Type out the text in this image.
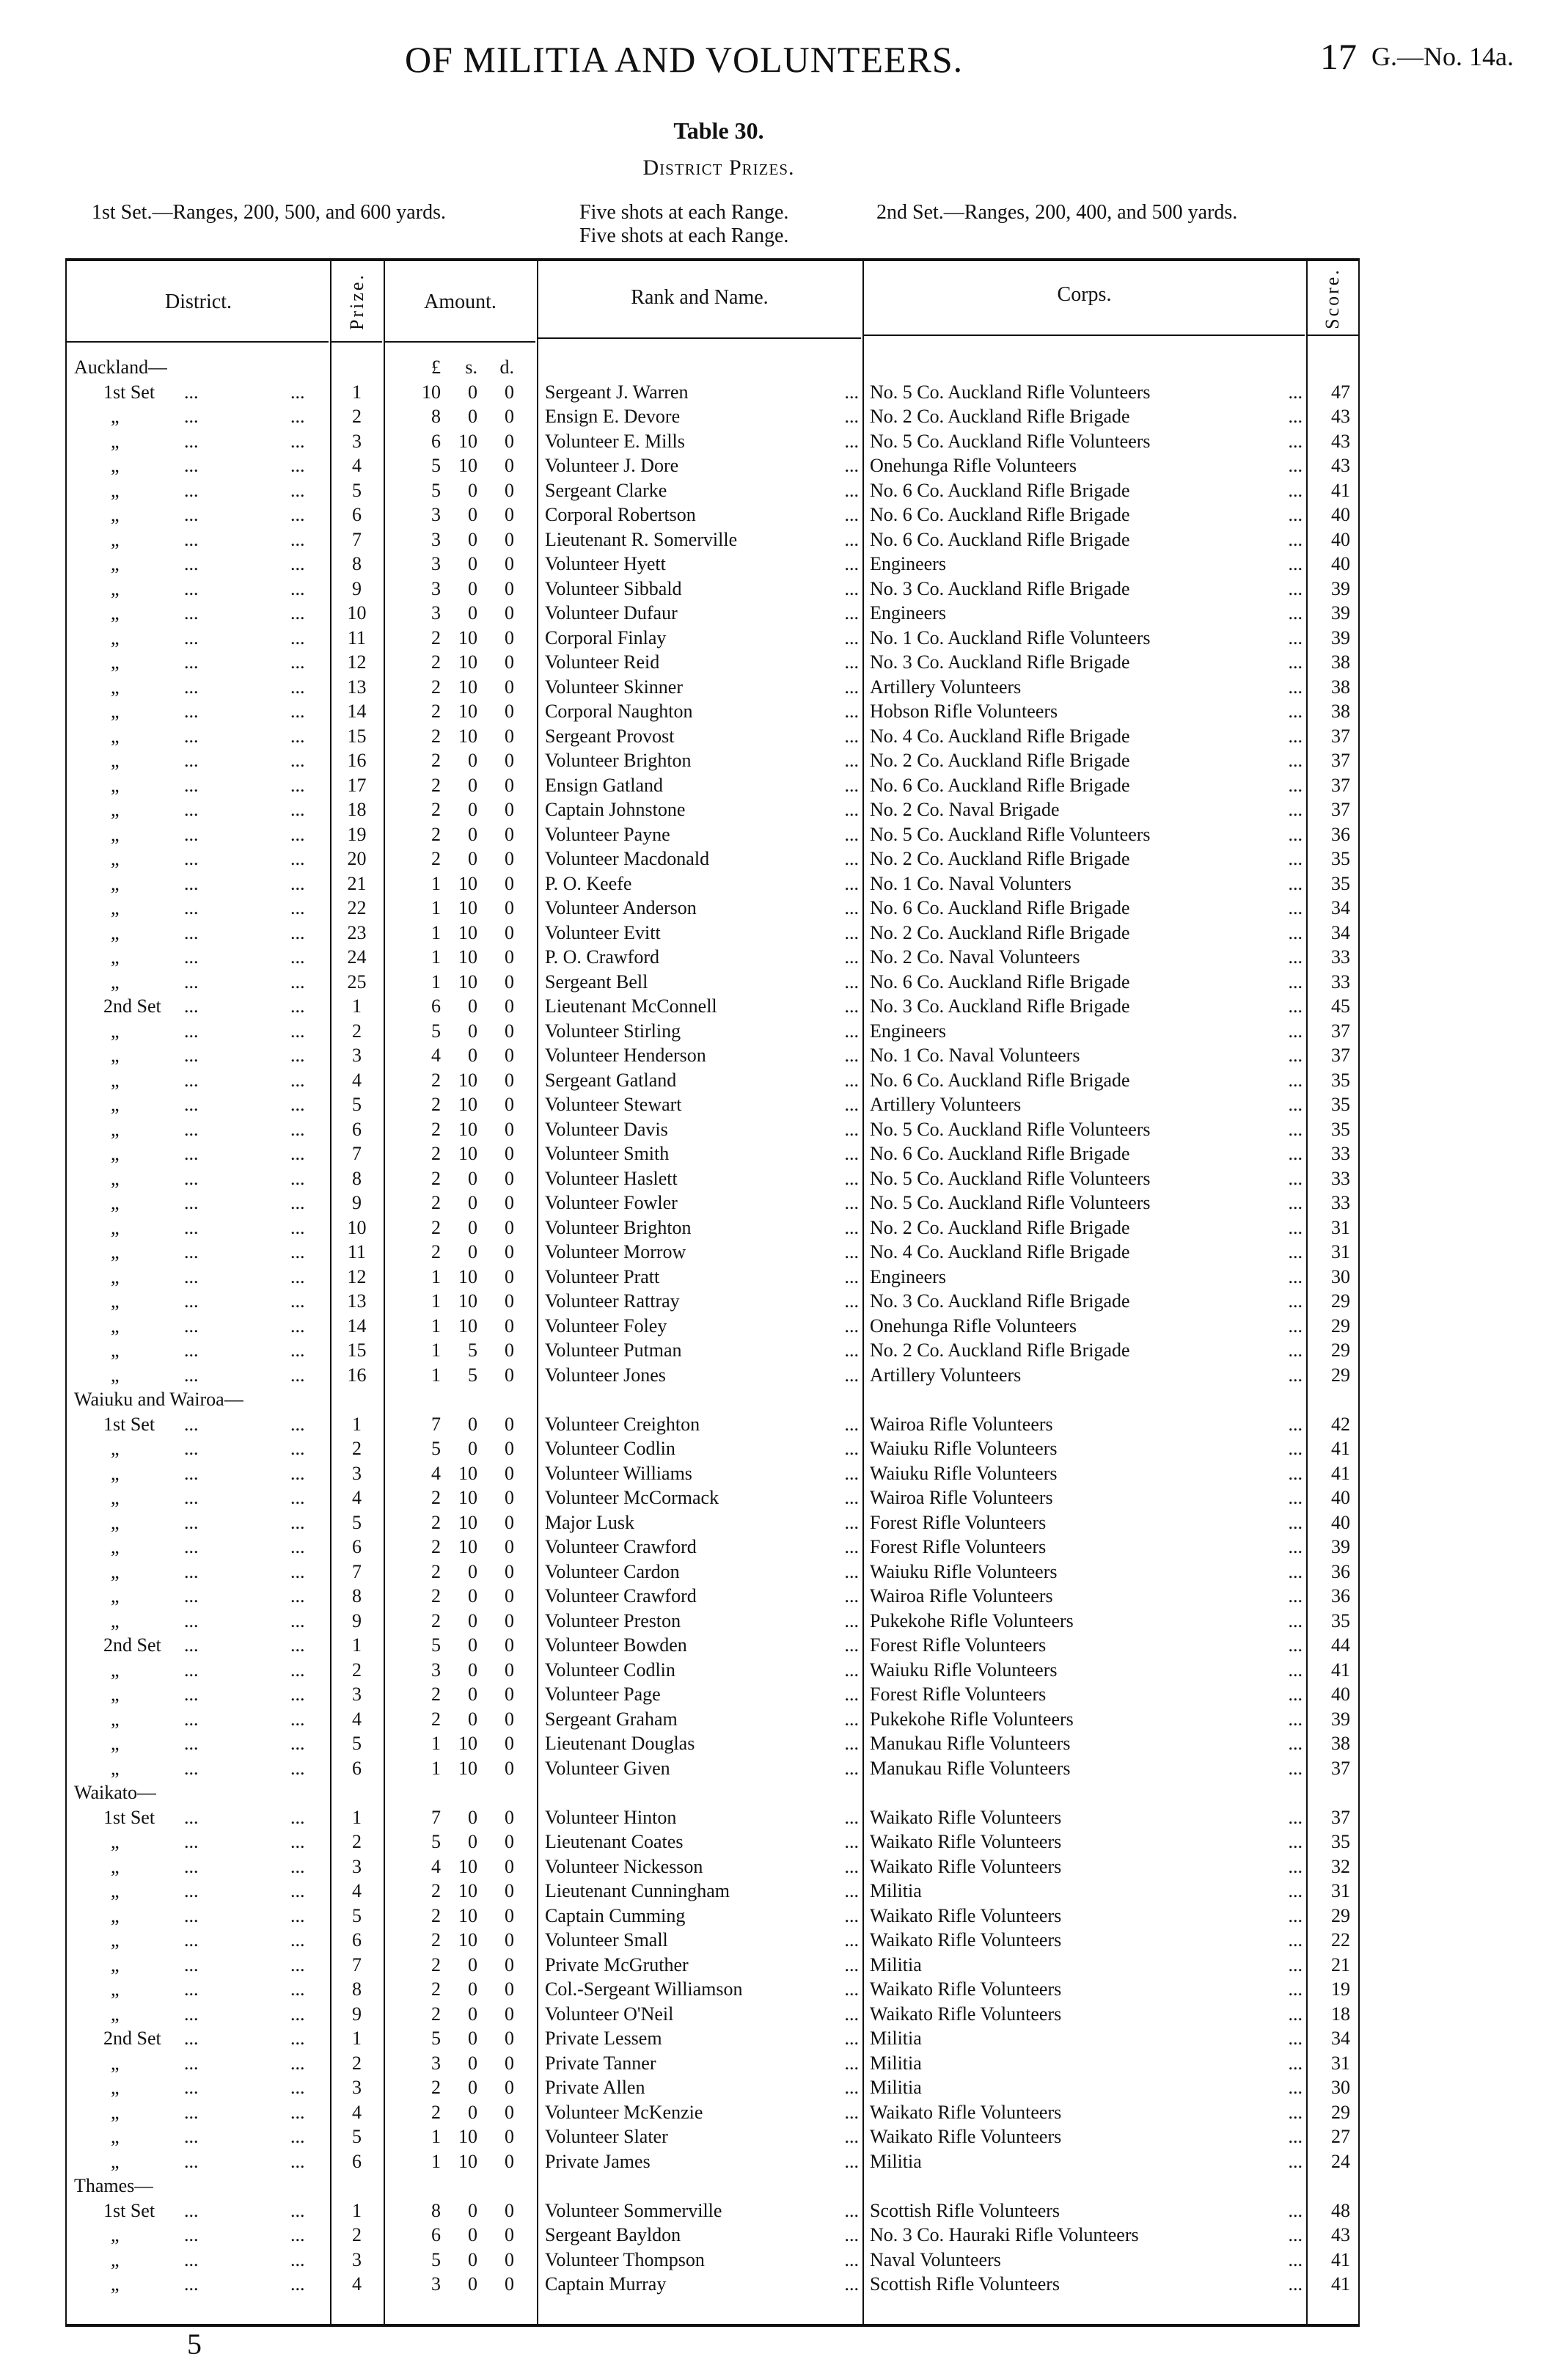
OF MILITIA AND VOLUNTEERS.	17 G.—No. 14a.
Table 30.
District Prizes.
1st Set.—Ranges, 200, 500, and 600 yards.	Five shots at each Range.
Five shots at each Range.
2nd Set.—Ranges, 200, 400, and 500 yards.
District.	Prize.	Amount.	Rank and Name.	Corps.	Score.
Auckland—	£	s.	d.
1st Set ...	...	1	10	0	0 Sergeant J. Warren	... No. 5 Co. Auckland Rifle Volunteers	...	47
„	...	...	2	8	0	0 Ensign E. Devore	... No. 2 Co. Auckland Rifle Brigade	...	43
„	...	...	3	6 10	0 Volunteer E. Mills	... No. 5 Co. Auckland Rifle Volunteers	...	43
„	...	...	4	5 10	0 Volunteer J. Dore	... Onehunga Rifle Volunteers	...	43
„	...	...	5	5	0	0 Sergeant Clarke	... No. 6 Co. Auckland Rifle Brigade	...	41
„	...	...	6	3	0	0 Corporal Robertson	... No. 6 Co. Auckland Rifle Brigade	...	40
„	...	...	7	3	0	0 Lieutenant R. Somerville	... No. 6 Co. Auckland Rifle Brigade	...	40
„	...	...	8	3	0	0 Volunteer Hyett	... Engineers	...	40
„	...	...	9	3	0	0 Volunteer Sibbald	... No. 3 Co. Auckland Rifle Brigade	...	39
„	...	...	10	3	0	0 Volunteer Dufaur	... Engineers	...	39
„	...	...	11	2 10	0 Corporal Finlay	... No. 1 Co. Auckland Rifle Volunteers	...	39
„	...	...	12	2 10	0 Volunteer Reid	... No. 3 Co. Auckland Rifle Brigade	...	38
„	...	...	13	2 10	0 Volunteer Skinner	... Artillery Volunteers	...	38
„	...	...	14	2 10	0 Corporal Naughton	... Hobson Rifle Volunteers	...	38
„	...	...	15	2 10	0 Sergeant Provost	... No. 4 Co. Auckland Rifle Brigade	...	37
„	...	...	16	2	0	0 Volunteer Brighton	... No. 2 Co. Auckland Rifle Brigade	...	37
„	...	...	17	2	0	0 Ensign Gatland	... No. 6 Co. Auckland Rifle Brigade	...	37
„	...	...	18	2	0	0 Captain Johnstone	... No. 2 Co. Naval Brigade	...	37
„	...	...	19	2	0	0 Volunteer Payne	... No. 5 Co. Auckland Rifle Volunteers	...	36
„	...	...	20	2	0	0 Volunteer Macdonald	... No. 2 Co. Auckland Rifle Brigade	...	35
„	...	...	21	1 10	0 P. O. Keefe	... No. 1 Co. Naval Volunters	...	35
„	...	...	22	1 10	0 Volunteer Anderson	... No. 6 Co. Auckland Rifle Brigade	...	34
„	...	...	23	1 10	0 Volunteer Evitt	... No. 2 Co. Auckland Rifle Brigade	...	34
„	...	...	24	1 10	0 P. O. Crawford	... No. 2 Co. Naval Volunteers	...	33
„	...	...	25	1 10	0 Sergeant Bell	... No. 6 Co. Auckland Rifle Brigade	...	33
2nd Set ...	...	1	6	0	0 Lieutenant McConnell	... No. 3 Co. Auckland Rifle Brigade	...	45
„	...	...	2	5	0	0 Volunteer Stirling	... Engineers	...	37
„	...	...	3	4	0	0 Volunteer Henderson	... No. 1 Co. Naval Volunteers	...	37
„	...	...	4	2 10	0 Sergeant Gatland	... No. 6 Co. Auckland Rifle Brigade	...	35
„	...	...	5	2 10	0 Volunteer Stewart	... Artillery Volunteers	...	35
„	...	...	6	2 10	0 Volunteer Davis	... No. 5 Co. Auckland Rifle Volunteers	...	35
„	...	...	7	2 10	0 Volunteer Smith	... No. 6 Co. Auckland Rifle Brigade	...	33
„	...	...	8	2	0	0 Volunteer Haslett	... No. 5 Co. Auckland Rifle Volunteers	...	33
„	...	...	9	2	0	0 Volunteer Fowler	... No. 5 Co. Auckland Rifle Volunteers	...	33
„	...	...	10	2	0	0 Volunteer Brighton	... No. 2 Co. Auckland Rifle Brigade	...	31
„	...	...	11	2	0	0 Volunteer Morrow	... No. 4 Co. Auckland Rifle Brigade	...	31
„	...	...	12	1 10	0 Volunteer Pratt	... Engineers	...	30
„	...	...	13	1 10	0 Volunteer Rattray	... No. 3 Co. Auckland Rifle Brigade	...	29
„	...	...	14	1 10	0 Volunteer Foley	... Onehunga Rifle Volunteers	...	29
„	...	...	15	1	5	0 Volunteer Putman	... No. 2 Co. Auckland Rifle Brigade	...	29
„	...	...	16	1	5	0 Volunteer Jones	... Artillery Volunteers	...	29
Waiuku and Wairoa—
1st Set ...	...	1	7	0	0 Volunteer Creighton	... Wairoa Rifle Volunteers	...	42
„	...	...	2	5	0	0 Volunteer Codlin	... Waiuku Rifle Volunteers	...	41
„	...	...	3	4 10	0 Volunteer Williams	... Waiuku Rifle Volunteers	...	41
„	...	...	4	2 10	0 Volunteer McCormack	... Wairoa Rifle Volunteers	...	40
„	...	...	5	2 10	0 Major Lusk	... Forest Rifle Volunteers	...	40
„	...	...	6	2 10	0 Volunteer Crawford	... Forest Rifle Volunteers	...	39
„	...	...	7	2	0	0 Volunteer Cardon	... Waiuku Rifle Volunteers	...	36
„	...	...	8	2	0	0 Volunteer Crawford	... Wairoa Rifle Volunteers	...	36
„	...	...	9	2	0	0 Volunteer Preston	... Pukekohe Rifle Volunteers	...	35
2nd Set ...	...	1	5	0	0 Volunteer Bowden	... Forest Rifle Volunteers	...	44
„	...	...	2	3	0	0 Volunteer Codlin	... Waiuku Rifle Volunteers	...	41
„	...	...	3	2	0	0 Volunteer Page	... Forest Rifle Volunteers	...	40
„	...	...	4	2	0	0 Sergeant Graham	... Pukekohe Rifle Volunteers	...	39
„	...	...	5	1 10	0 Lieutenant Douglas	... Manukau Rifle Volunteers	...	38
„	...	...	6	1 10	0 Volunteer Given	... Manukau Rifle Volunteers	...	37
Waikato—
1st Set ...	...	1	7	0	0 Volunteer Hinton	... Waikato Rifle Volunteers	...	37
„	...	...	2	5	0	0 Lieutenant Coates	... Waikato Rifle Volunteers	...	35
„	...	...	3	4 10	0 Volunteer Nickesson	... Waikato Rifle Volunteers	...	32
„	...	...	4	2 10	0 Lieutenant Cunningham	... Militia	...	31
„	...	...	5	2 10	0 Captain Cumming	... Waikato Rifle Volunteers	...	29
„	...	...	6	2 10	0 Volunteer Small	... Waikato Rifle Volunteers	...	22
„	...	...	7	2	0	0 Private McGruther	... Militia	...	21
„	...	...	8	2	0	0 Col.-Sergeant Williamson	... Waikato Rifle Volunteers	...	19
„	...	...	9	2	0	0 Volunteer O'Neil	... Waikato Rifle Volunteers	...	18
2nd Set ...	...	1	5	0	0 Private Lessem	... Militia	...	34
„	...	...	2	3	0	0 Private Tanner	... Militia	...	31
„	...	...	3	2	0	0 Private Allen	... Militia	...	30
„	...	...	4	2	0	0 Volunteer McKenzie	... Waikato Rifle Volunteers	...	29
„	...	...	5	1 10	0 Volunteer Slater	... Waikato Rifle Volunteers	...	27
„	...	...	6	1 10	0 Private James	... Militia	...	24
Thames—
1st Set ...	...	1	8	0	0 Volunteer Sommerville	... Scottish Rifle Volunteers	...	48
„	...	...	2	6	0	0 Sergeant Bayldon	... No. 3 Co. Hauraki Rifle Volunteers	...	43
„	...	...	3	5	0	0 Volunteer Thompson	... Naval Volunteers	...	41
„	...	...	4	3	0	0 Captain Murray	... Scottish Rifle Volunteers	...	41
5
